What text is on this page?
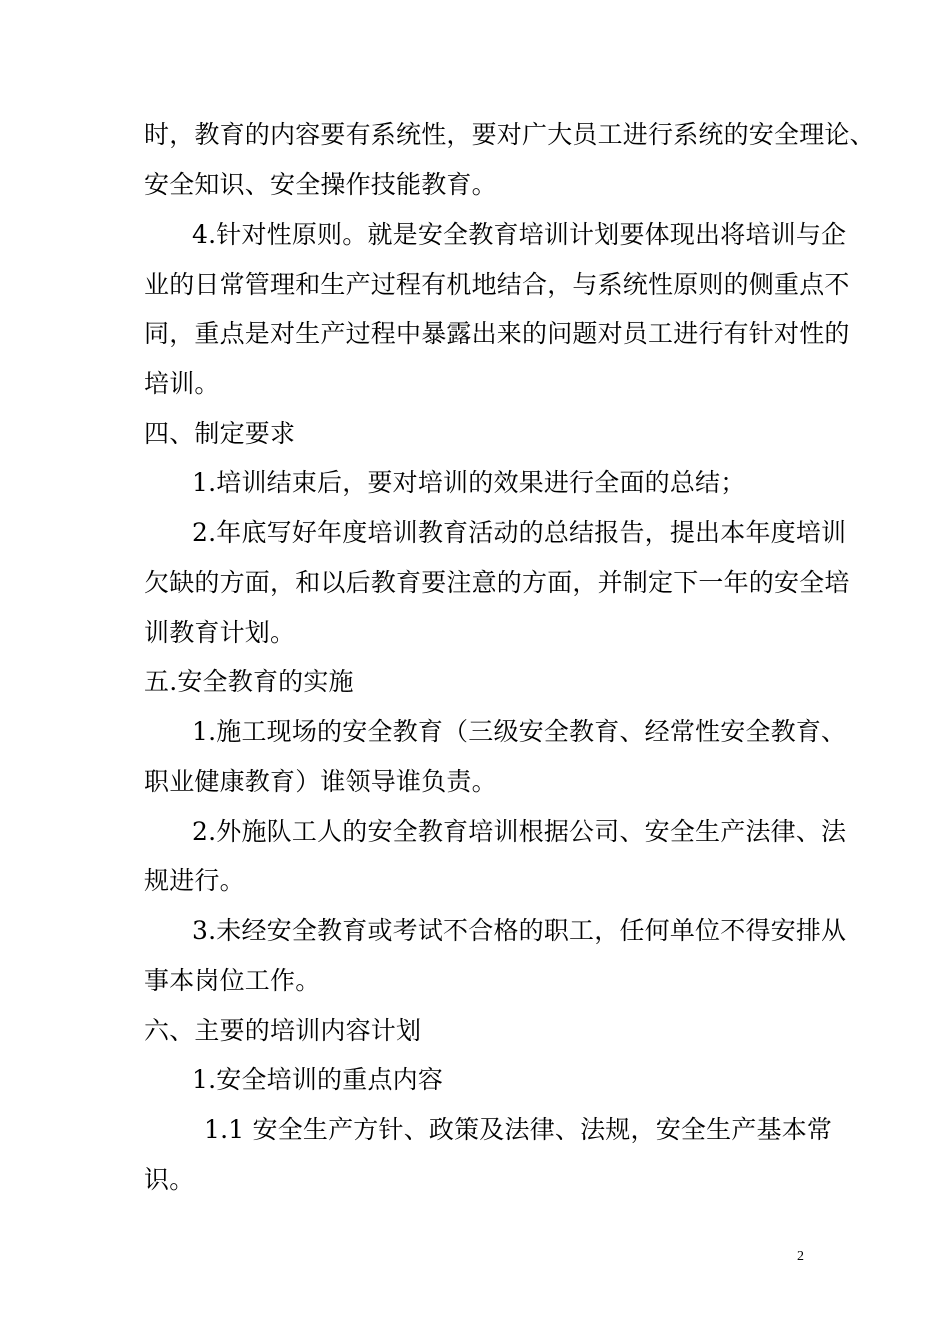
时，教育的内容要有系统性，要对广大员工进行系统的安全理论、
安全知识、安全操作技能教育。
4.针对性原则。就是安全教育培训计划要体现出将培训与企
业的日常管理和生产过程有机地结合，与系统性原则的侧重点不
同，重点是对生产过程中暴露出来的问题对员工进行有针对性的
培训。
四、制定要求
1.培训结束后，要对培训的效果进行全面的总结；
2.年底写好年度培训教育活动的总结报告，提出本年度培训
欠缺的方面，和以后教育要注意的方面，并制定下一年的安全培
训教育计划。
五.安全教育的实施
1.施工现场的安全教育（三级安全教育、经常性安全教育、
职业健康教育）谁领导谁负责。
2.外施队工人的安全教育培训根据公司、安全生产法律、法
规进行。
3.未经安全教育或考试不合格的职工，任何单位不得安排从
事本岗位工作。
六、主要的培训内容计划
1.安全培训的重点内容
1.1 安全生产方针、政策及法律、法规，安全生产基本常
识。
2
